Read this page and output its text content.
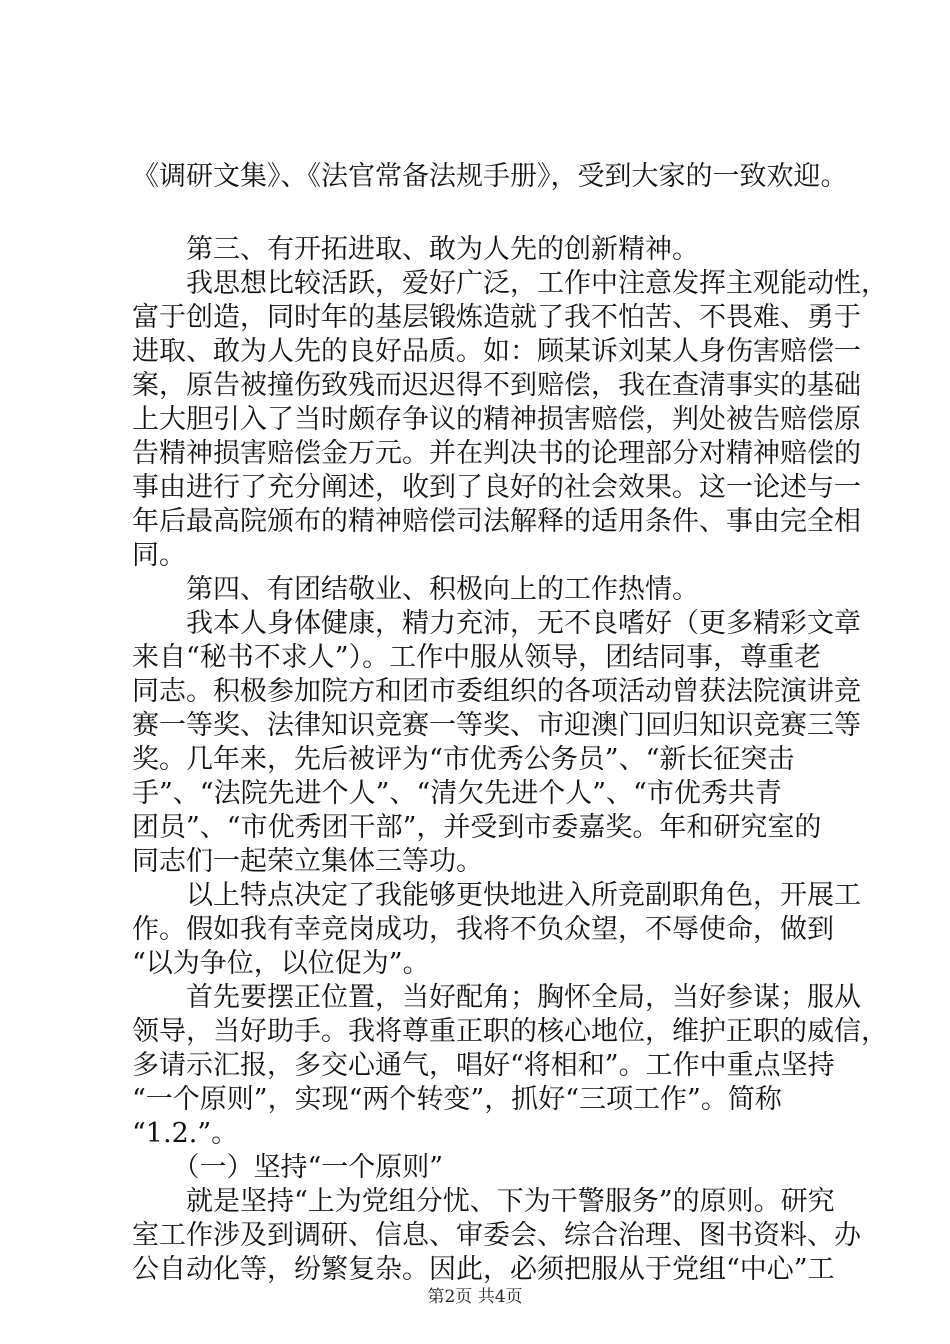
《调研文集》、《法官常备法规手册》，受到大家的一致欢迎。
　　第三、有开拓进取、敢为人先的创新精神。
　　我思想比较活跃，爱好广泛，工作中注意发挥主观能动性，
富于创造，同时年的基层锻炼造就了我不怕苦、不畏难、勇于
进取、敢为人先的良好品质。如：顾某诉刘某人身伤害赔偿一
案，原告被撞伤致残而迟迟得不到赔偿，我在查清事实的基础
上大胆引入了当时颇存争议的精神损害赔偿，判处被告赔偿原
告精神损害赔偿金万元。并在判决书的论理部分对精神赔偿的
事由进行了充分阐述，收到了良好的社会效果。这一论述与一
年后最高院颁布的精神赔偿司法解释的适用条件、事由完全相
同。
　　第四、有团结敬业、积极向上的工作热情。
　　我本人身体健康，精力充沛，无不良嗜好（更多精彩文章
来自“秘书不求人”）。工作中服从领导，团结同事，尊重老
同志。积极参加院方和团市委组织的各项活动曾获法院演讲竞
赛一等奖、法律知识竞赛一等奖、市迎澳门回归知识竞赛三等
奖。几年来，先后被评为“市优秀公务员”、“新长征突击
手”、“法院先进个人”、“清欠先进个人”、“市优秀共青
团员”、“市优秀团干部”，并受到市委嘉奖。年和研究室的
同志们一起荣立集体三等功。
　　以上特点决定了我能够更快地进入所竞副职角色，开展工
作。假如我有幸竞岗成功，我将不负众望，不辱使命，做到
“以为争位，以位促为”。
　　首先要摆正位置，当好配角；胸怀全局，当好参谋；服从
领导，当好助手。我将尊重正职的核心地位，维护正职的威信，
多请示汇报，多交心通气，唱好“将相和”。工作中重点坚持
“一个原则”，实现“两个转变”，抓好“三项工作”。简称
“1.2.”。
　　（一）坚持“一个原则”
　　就是坚持“上为党组分忧、下为干警服务”的原则。研究
室工作涉及到调研、信息、审委会、综合治理、图书资料、办
公自动化等，纷繁复杂。因此，必须把服从于党组“中心”工
第2页 共4页
